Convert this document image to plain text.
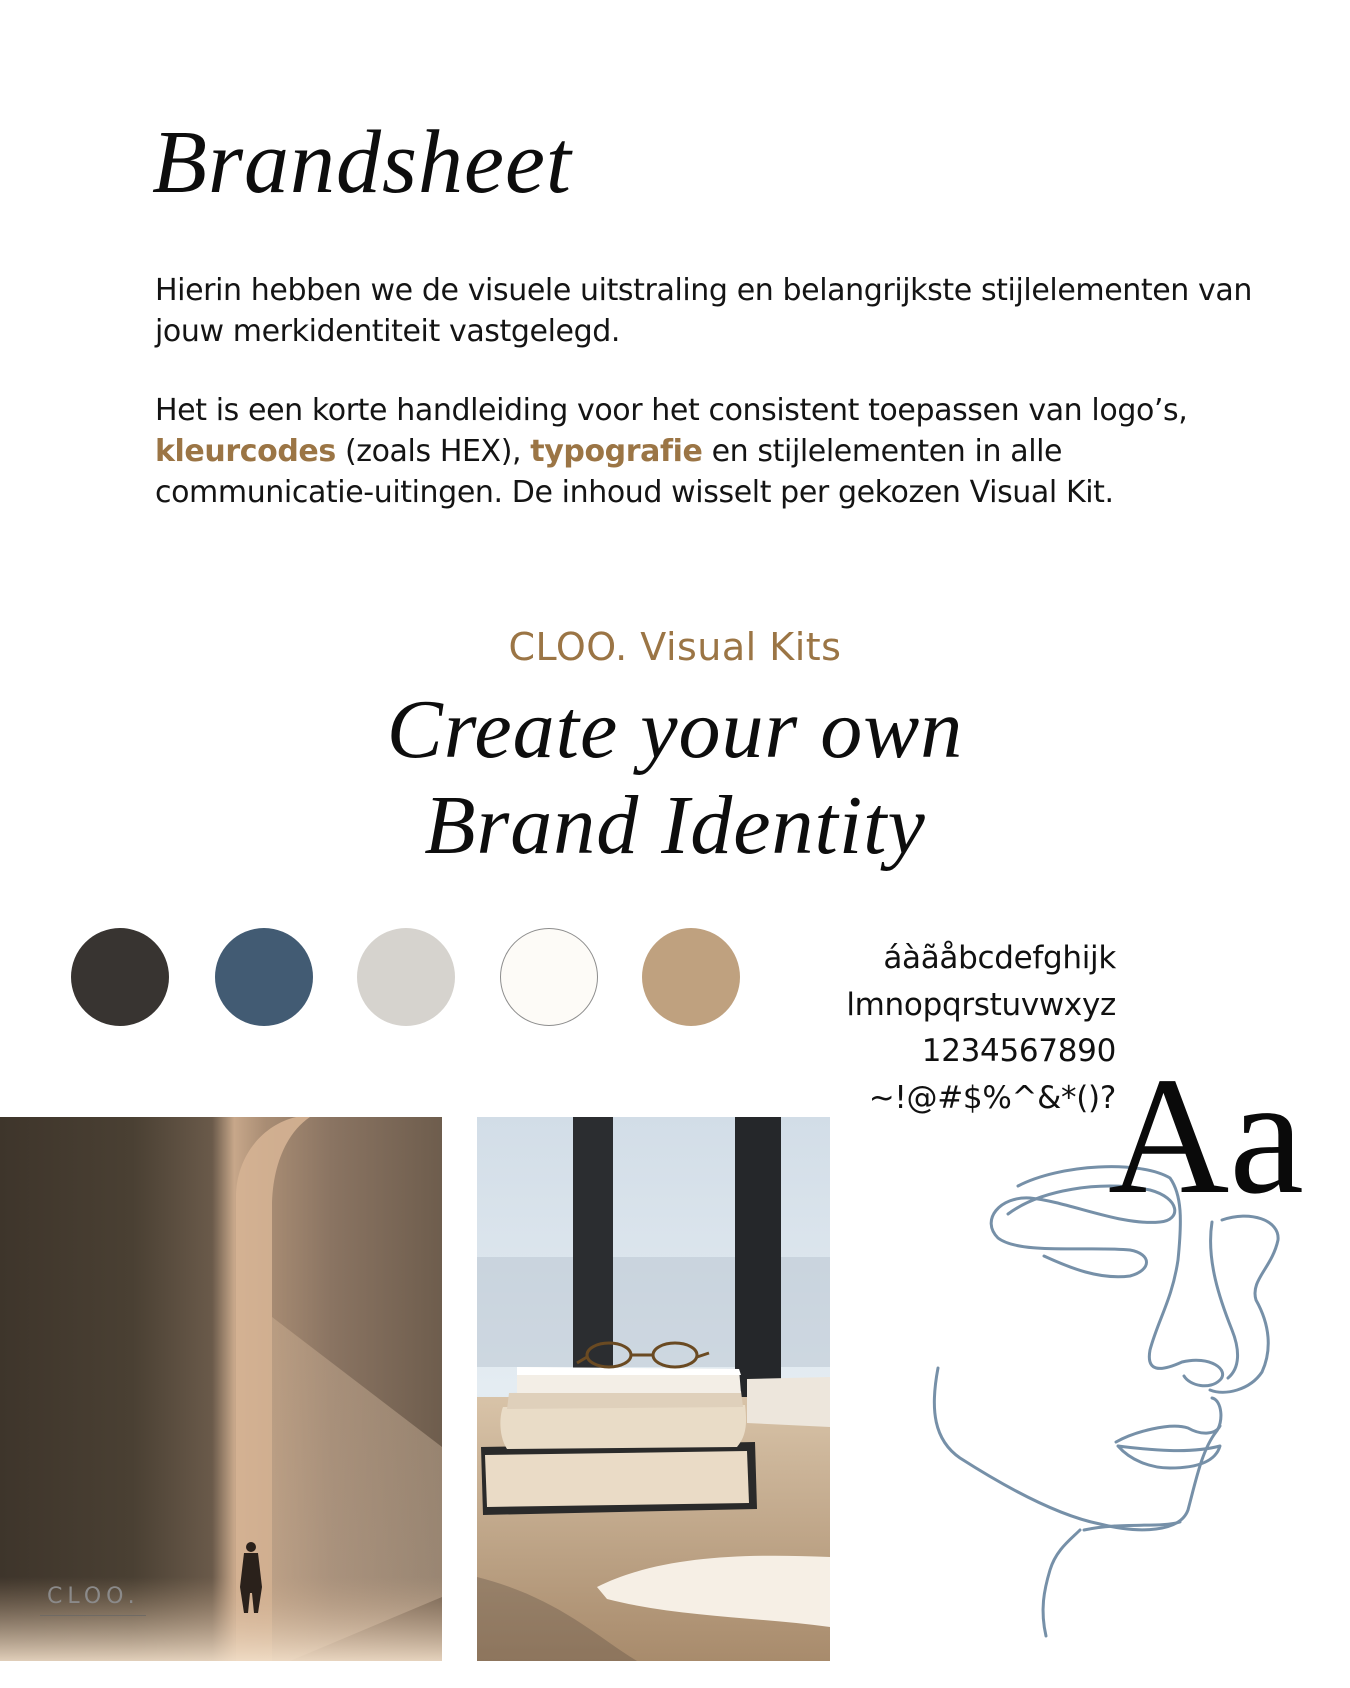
Brandsheet

Hierin hebben we de visuele uitstraling en belangrijkste stijlelementen van jouw merkidentiteit vastgelegd.

Het is een korte handleiding voor het consistent toepassen van logo’s, kleurcodes (zoals HEX), typografie en stijlelementen in alle communicatie-uitingen. De inhoud wisselt per gekozen Visual Kit.

CLOO. Visual Kits
Create your own
Brand Identity
áàãåbcdefghijk
lmnopqrstuvwxyz
1234567890
~!@#$%^&*()?
Aa
CLOO.
